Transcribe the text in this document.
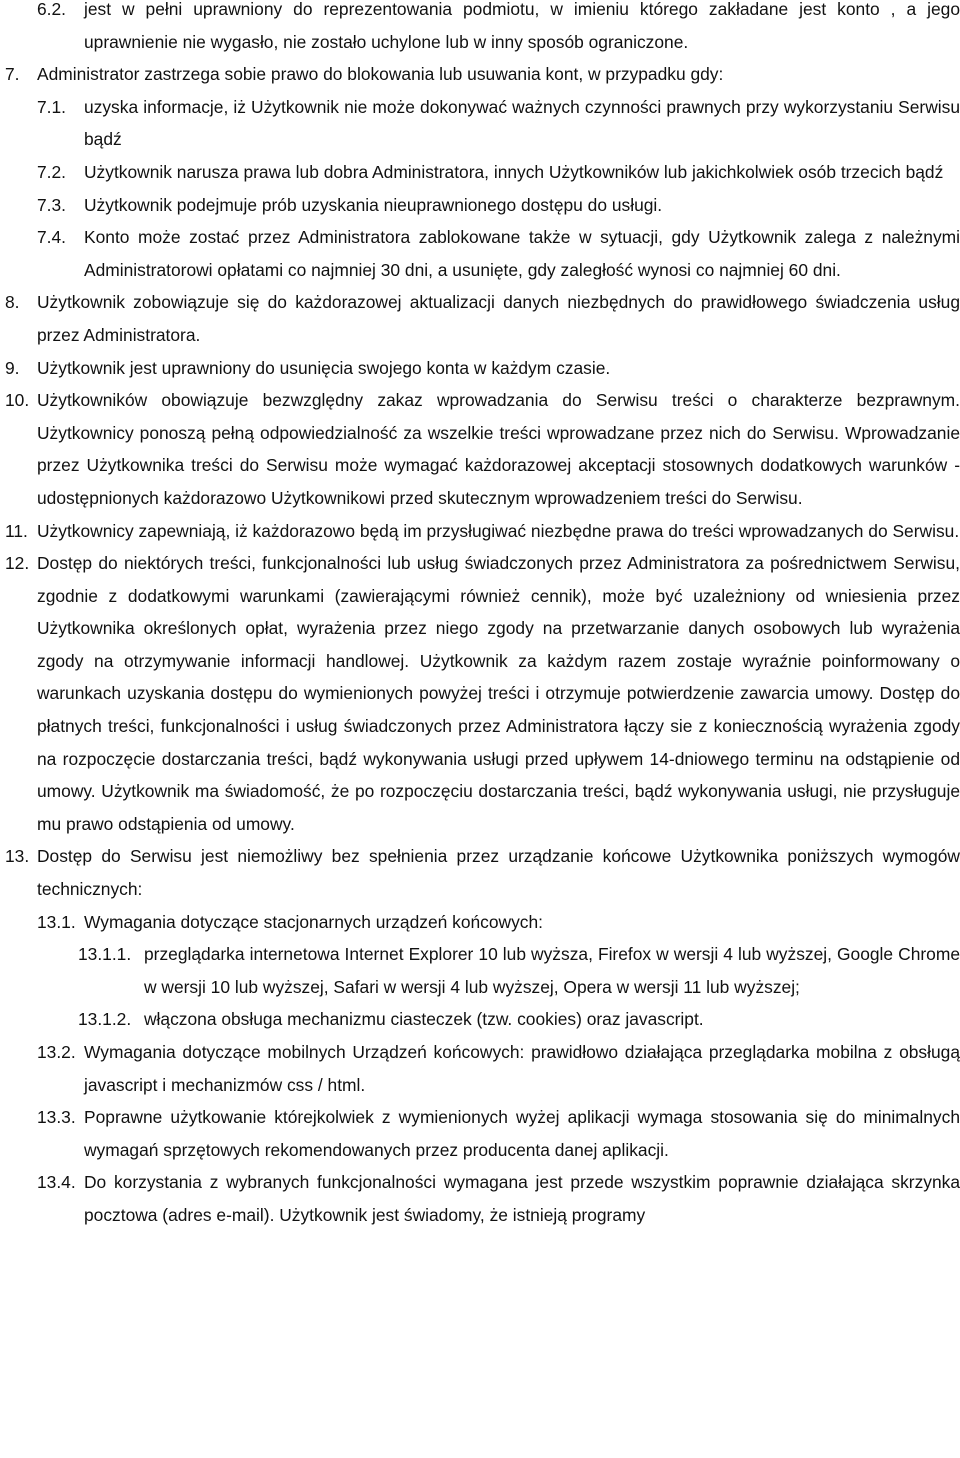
6.2. jest w pełni uprawniony do reprezentowania podmiotu, w imieniu którego zakładane jest konto , a jego uprawnienie nie wygasło, nie zostało uchylone lub w inny sposób ograniczone.
7. Administrator zastrzega sobie prawo do blokowania lub usuwania kont, w przypadku gdy:
7.1. uzyska informacje, iż Użytkownik nie może dokonywać ważnych czynności prawnych przy wykorzystaniu Serwisu bądź
7.2. Użytkownik narusza prawa lub dobra Administratora, innych Użytkowników lub jakichkolwiek osób trzecich bądź
7.3. Użytkownik podejmuje prób uzyskania nieuprawnionego dostępu do usługi.
7.4. Konto może zostać przez Administratora zablokowane także w sytuacji, gdy Użytkownik zalega z należnymi Administratorowi opłatami co najmniej 30 dni, a usunięte, gdy zaległość wynosi co najmniej 60 dni.
8. Użytkownik zobowiązuje się do każdorazowej aktualizacji danych niezbędnych do prawidłowego świadczenia usług przez Administratora.
9. Użytkownik jest uprawniony do usunięcia swojego konta w każdym czasie.
10. Użytkowników obowiązuje bezwzględny zakaz wprowadzania do Serwisu treści o charakterze bezprawnym. Użytkownicy ponoszą pełną odpowiedzialność za wszelkie treści wprowadzane przez nich do Serwisu. Wprowadzanie przez Użytkownika treści do Serwisu może wymagać każdorazowej akceptacji stosownych dodatkowych warunków - udostępnionych każdorazowo Użytkownikowi przed skutecznym wprowadzeniem treści do Serwisu.
11. Użytkownicy zapewniają, iż każdorazowo będą im przysługiwać niezbędne prawa do treści wprowadzanych do Serwisu.
12. Dostęp do niektórych treści, funkcjonalności lub usług świadczonych przez Administratora za pośrednictwem Serwisu, zgodnie z dodatkowymi warunkami (zawierającymi również cennik), może być uzależniony od wniesienia przez Użytkownika określonych opłat, wyrażenia przez niego zgody na przetwarzanie danych osobowych lub wyrażenia zgody na otrzymywanie informacji handlowej. Użytkownik za każdym razem zostaje wyraźnie poinformowany o warunkach uzyskania dostępu do wymienionych powyżej treści i otrzymuje potwierdzenie zawarcia umowy. Dostęp do płatnych treści, funkcjonalności i usług świadczonych przez Administratora łączy sie z koniecznością wyrażenia zgody na rozpoczęcie dostarczania treści, bądź wykonywania usługi przed upływem 14-dniowego terminu na odstąpienie od umowy. Użytkownik ma świadomość, że po rozpoczęciu dostarczania treści, bądź wykonywania usługi, nie przysługuje mu prawo odstąpienia od umowy.
13. Dostęp do Serwisu jest niemożliwy bez spełnienia przez urządzanie końcowe Użytkownika poniższych wymogów technicznych:
13.1. Wymagania dotyczące stacjonarnych urządzeń końcowych:
13.1.1. przeglądarka internetowa Internet Explorer 10 lub wyższa, Firefox w wersji 4 lub wyższej, Google Chrome w wersji 10 lub wyższej, Safari w wersji 4 lub wyższej, Opera w wersji 11 lub wyższej;
13.1.2. włączona obsługa mechanizmu ciasteczek (tzw. cookies) oraz javascript.
13.2. Wymagania dotyczące mobilnych Urządzeń końcowych: prawidłowo działająca przeglądarka mobilna z obsługą javascript i mechanizmów css / html.
13.3. Poprawne użytkowanie którejkolwiek z wymienionych wyżej aplikacji wymaga stosowania się do minimalnych wymagań sprzętowych rekomendowanych przez producenta danej aplikacji.
13.4. Do korzystania z wybranych funkcjonalności wymagana jest przede wszystkim poprawnie działająca skrzynka pocztowa (adres e-mail). Użytkownik jest świadomy, że istnieją programy
